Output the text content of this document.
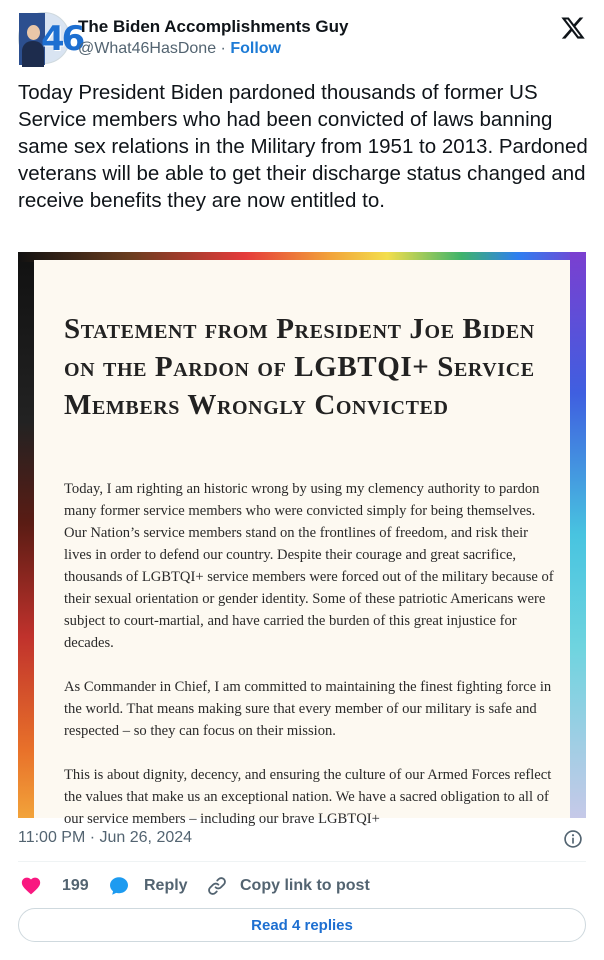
46
The Biden Accomplishments Guy
@What46HasDone · Follow
Today President Biden pardoned thousands of former US Service members who had been convicted of laws banning same sex relations in the Military from 1951 to 2013. Pardoned veterans will be able to get their discharge status changed and receive benefits they are now entitled to.
Statement from President Joe Biden on the Pardon of LGBTQI+ Service Members Wrongly Convicted

Today, I am righting an historic wrong by using my clemency authority to pardon many former service members who were convicted simply for being themselves. Our Nation’s service members stand on the frontlines of freedom, and risk their lives in order to defend our country. Despite their courage and great sacrifice, thousands of LGBTQI+ service members were forced out of the military because of their sexual orientation or gender identity. Some of these patriotic Americans were subject to court-martial, and have carried the burden of this great injustice for decades.

As Commander in Chief, I am committed to maintaining the finest fighting force in the world. That means making sure that every member of our military is safe and respected – so they can focus on their mission.

This is about dignity, decency, and ensuring the culture of our Armed Forces reflect the values that make us an exceptional nation. We have a sacred obligation to all of our service members – including our brave LGBTQI+

11:00 PM · Jun 26, 2024
199	Reply	Copy link to post
Read 4 replies
